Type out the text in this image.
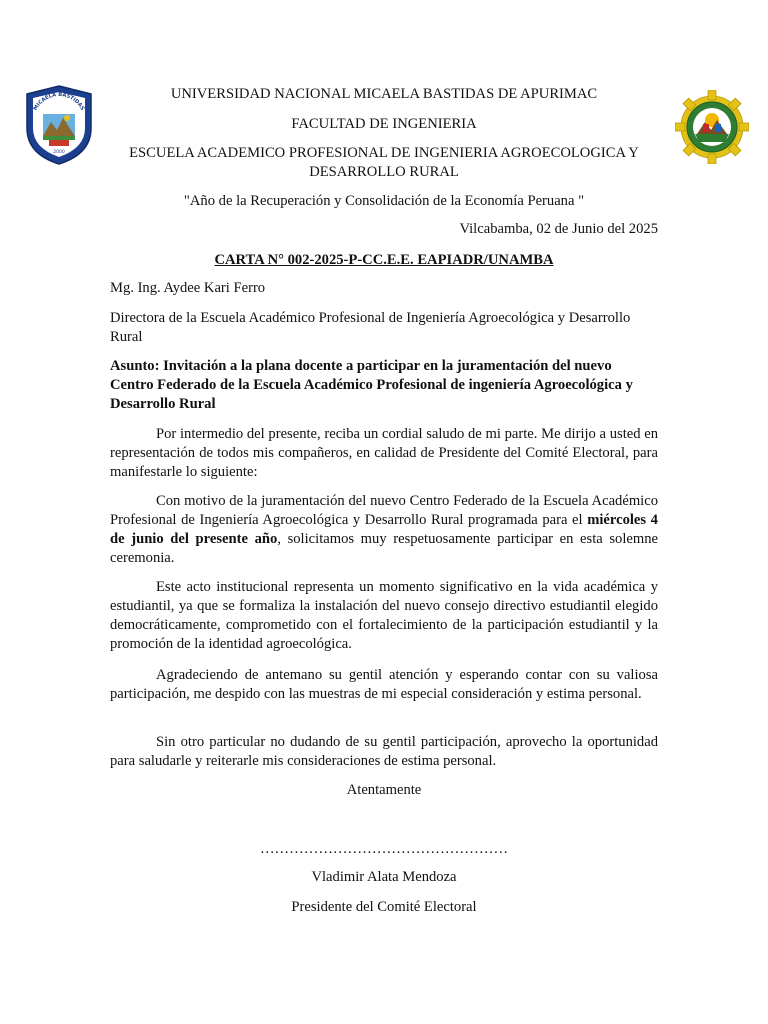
MICAELA BASTIDAS
2000

UNIVERSIDAD NACIONAL MICAELA BASTIDAS DE APURIMAC

FACULTAD DE INGENIERIA

ESCUELA ACADEMICO PROFESIONAL DE INGENIERIA AGROECOLOGICA Y DESARROLLO RURAL

"Año de la Recuperación y Consolidación de la Economía Peruana "

Vilcabamba, 02 de Junio del 2025

CARTA N° 002-2025-P-CC.E.E. EAPIADR/UNAMBA

Mg. Ing. Aydee Kari Ferro

Directora de la Escuela Académico Profesional de Ingeniería Agroecológica y Desarrollo Rural

Asunto: Invitación a la plana docente a participar en la juramentación del nuevo Centro Federado de la Escuela Académico Profesional de ingeniería Agroecológica y Desarrollo Rural

Por intermedio del presente, reciba un cordial saludo de mi parte. Me dirijo a usted en representación de todos mis compañeros, en calidad de Presidente del Comité Electoral, para manifestarle lo siguiente:

Con motivo de la juramentación del nuevo Centro Federado de la Escuela Académico Profesional de Ingeniería Agroecológica y Desarrollo Rural programada para el miércoles 4 de junio del presente año, solicitamos muy respetuosamente participar en esta solemne ceremonia.

Este acto institucional representa un momento significativo en la vida académica y estudiantil, ya que se formaliza la instalación del nuevo consejo directivo estudiantil elegido democráticamente, comprometido con el fortalecimiento de la participación estudiantil y la promoción de la identidad agroecológica.

Agradeciendo de antemano su gentil atención y esperando contar con su valiosa participación, me despido con las muestras de mi especial consideración y estima personal.

Sin otro particular no dudando de su gentil participación, aprovecho la oportunidad para saludarle y reiterarle mis consideraciones de estima personal.

Atentamente

……………………………………………

Vladimir Alata Mendoza

Presidente del Comité Electoral
